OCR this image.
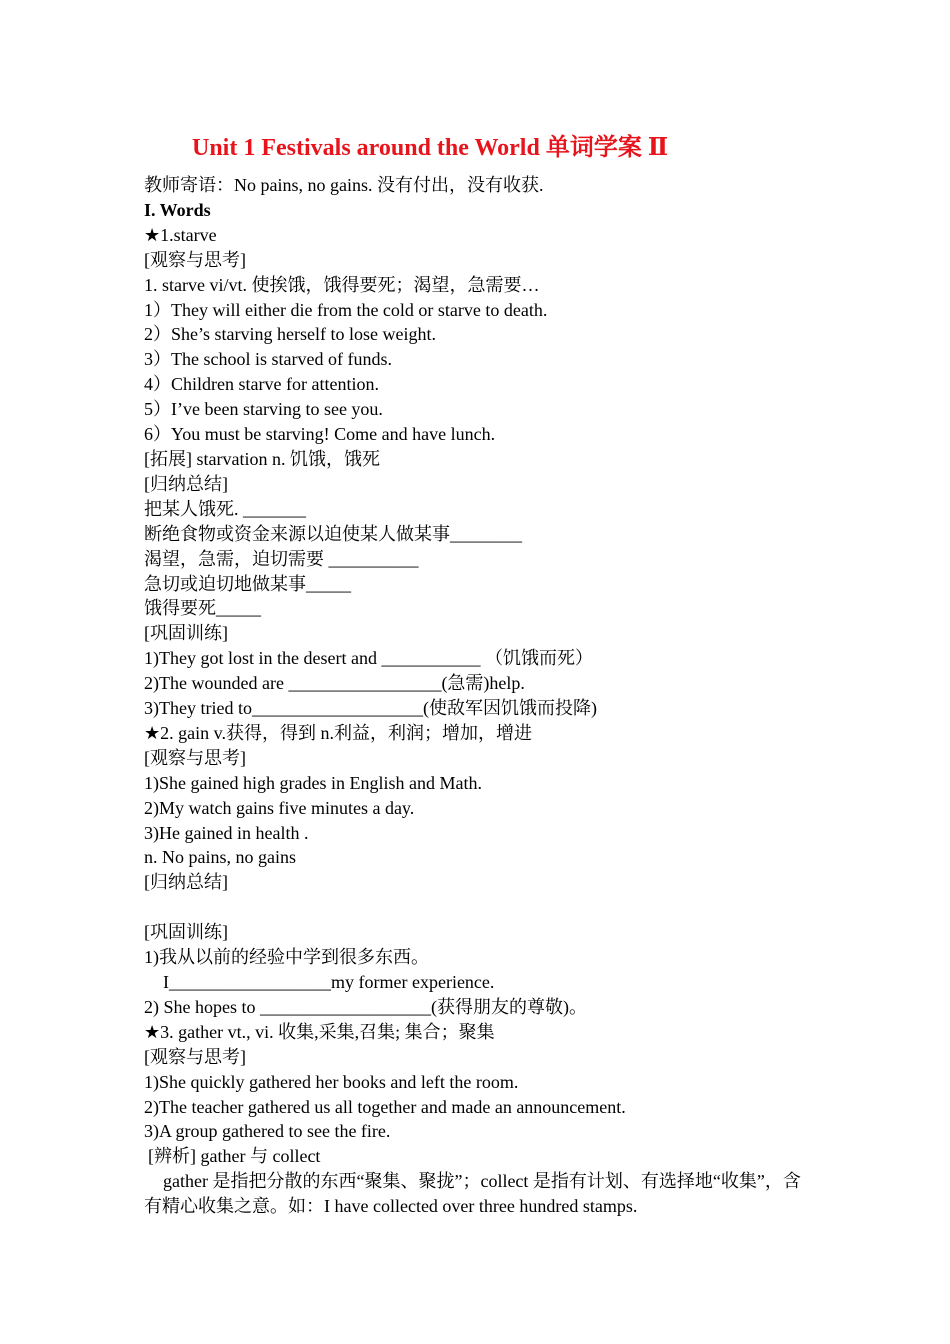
Unit 1 Festivals around the World 单词学案 Ⅱ
教师寄语：No pains, no gains. 没有付出，没有收获.
I. Words
★1.starve
[观察与思考]
1. starve vi/vt. 使挨饿，饿得要死；渴望，急需要…
1）They will either die from the cold or starve to death.
2）She’s starving herself to lose weight.
3）The school is starved of funds.
4）Children starve for attention.
5）I’ve been starving to see you.
6）You must be starving! Come and have lunch.
[拓展] starvation n. 饥饿，饿死
[归纳总结]
把某人饿死. _______
断绝食物或资金来源以迫使某人做某事________
渴望，急需，迫切需要 __________
急切或迫切地做某事_____
饿得要死_____
[巩固训练]
1)They got lost in the desert and ___________ （饥饿而死）
2)The wounded are _________________(急需)help.
3)They tried to___________________(使敌军因饥饿而投降)
★2. gain v.获得，得到 n.利益，利润；增加，增进
[观察与思考]
1)She gained high grades in English and Math.
2)My watch gains five minutes a day.
3)He gained in health .
n. No pains, no gains
[归纳总结]
[巩固训练]
1)我从以前的经验中学到很多东西。
I__________________my former experience.
2) She hopes to ___________________(获得朋友的尊敬)。
★3. gather vt., vi. 收集,采集,召集; 集合；聚集
[观察与思考]
1)She quickly gathered her books and left the room.
2)The teacher gathered us all together and made an announcement.
3)A group gathered to see the fire.
[辨析] gather 与 collect
gather 是指把分散的东西“聚集、聚拢”；collect 是指有计划、有选择地“收集”，含有精心收集之意。如：I have collected over three hundred stamps.
